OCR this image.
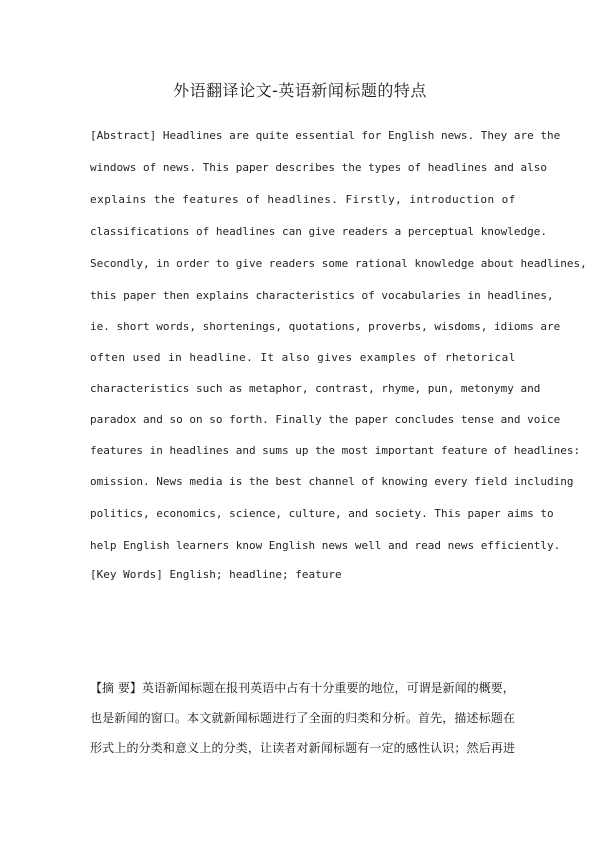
外语翻译论文-英语新闻标题的特点
[Abstract] Headlines are quite essential for English news. They are the
windows of news. This paper describes the types of headlines and also
explains the features of headlines. Firstly, introduction of
classifications of headlines can give readers a perceptual knowledge.
Secondly, in order to give readers some rational knowledge about headlines,
this paper then explains characteristics of vocabularies in headlines,
ie. short words, shortenings, quotations, proverbs, wisdoms, idioms are
often used in headline. It also gives examples of rhetorical
characteristics such as metaphor, contrast, rhyme, pun, metonymy and
paradox and so on so forth. Finally the paper concludes tense and voice
features in headlines and sums up the most important feature of headlines:
omission. News media is the best channel of knowing every field including
politics, economics, science, culture, and society. This paper aims to
help English learners know English news well and read news efficiently.
[Key Words] English; headline; feature
【摘 要】英语新闻标题在报刊英语中占有十分重要的地位，可谓是新闻的概要，
也是新闻的窗口。本文就新闻标题进行了全面的归类和分析。首先，描述标题在
形式上的分类和意义上的分类，让读者对新闻标题有一定的感性认识；然后再进
